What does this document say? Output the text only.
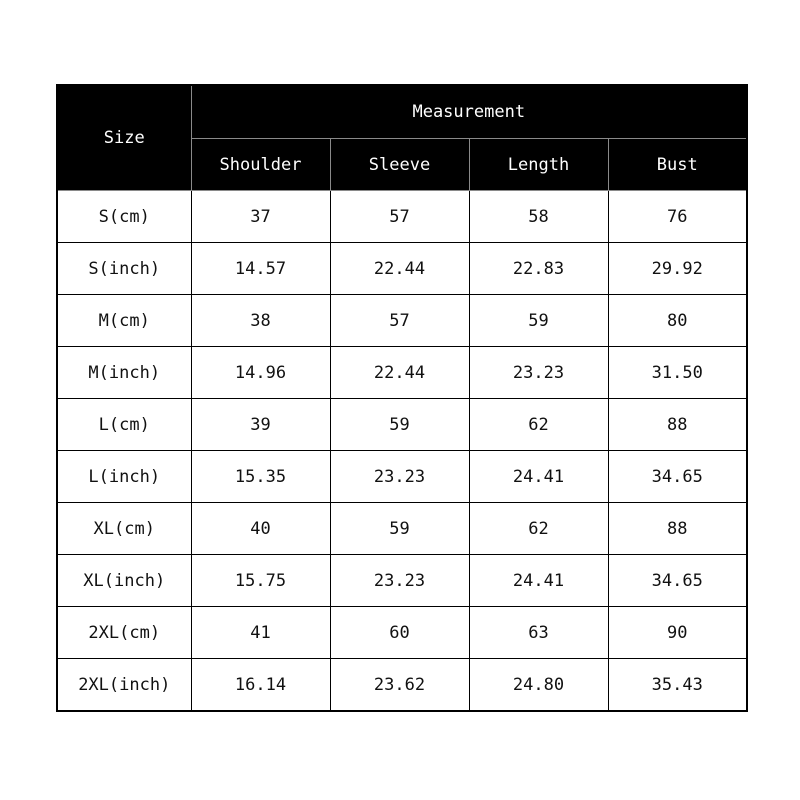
Size	Measurement			
	Shoulder	Sleeve	Length	Bust
S(cm)	37	57	58	76
S(inch)	14.57	22.44	22.83	29.92
M(cm)	38	57	59	80
M(inch)	14.96	22.44	23.23	31.50
L(cm)	39	59	62	88
L(inch)	15.35	23.23	24.41	34.65
XL(cm)	40	59	62	88
XL(inch)	15.75	23.23	24.41	34.65
2XL(cm)	41	60	63	90
2XL(inch)	16.14	23.62	24.80	35.43
